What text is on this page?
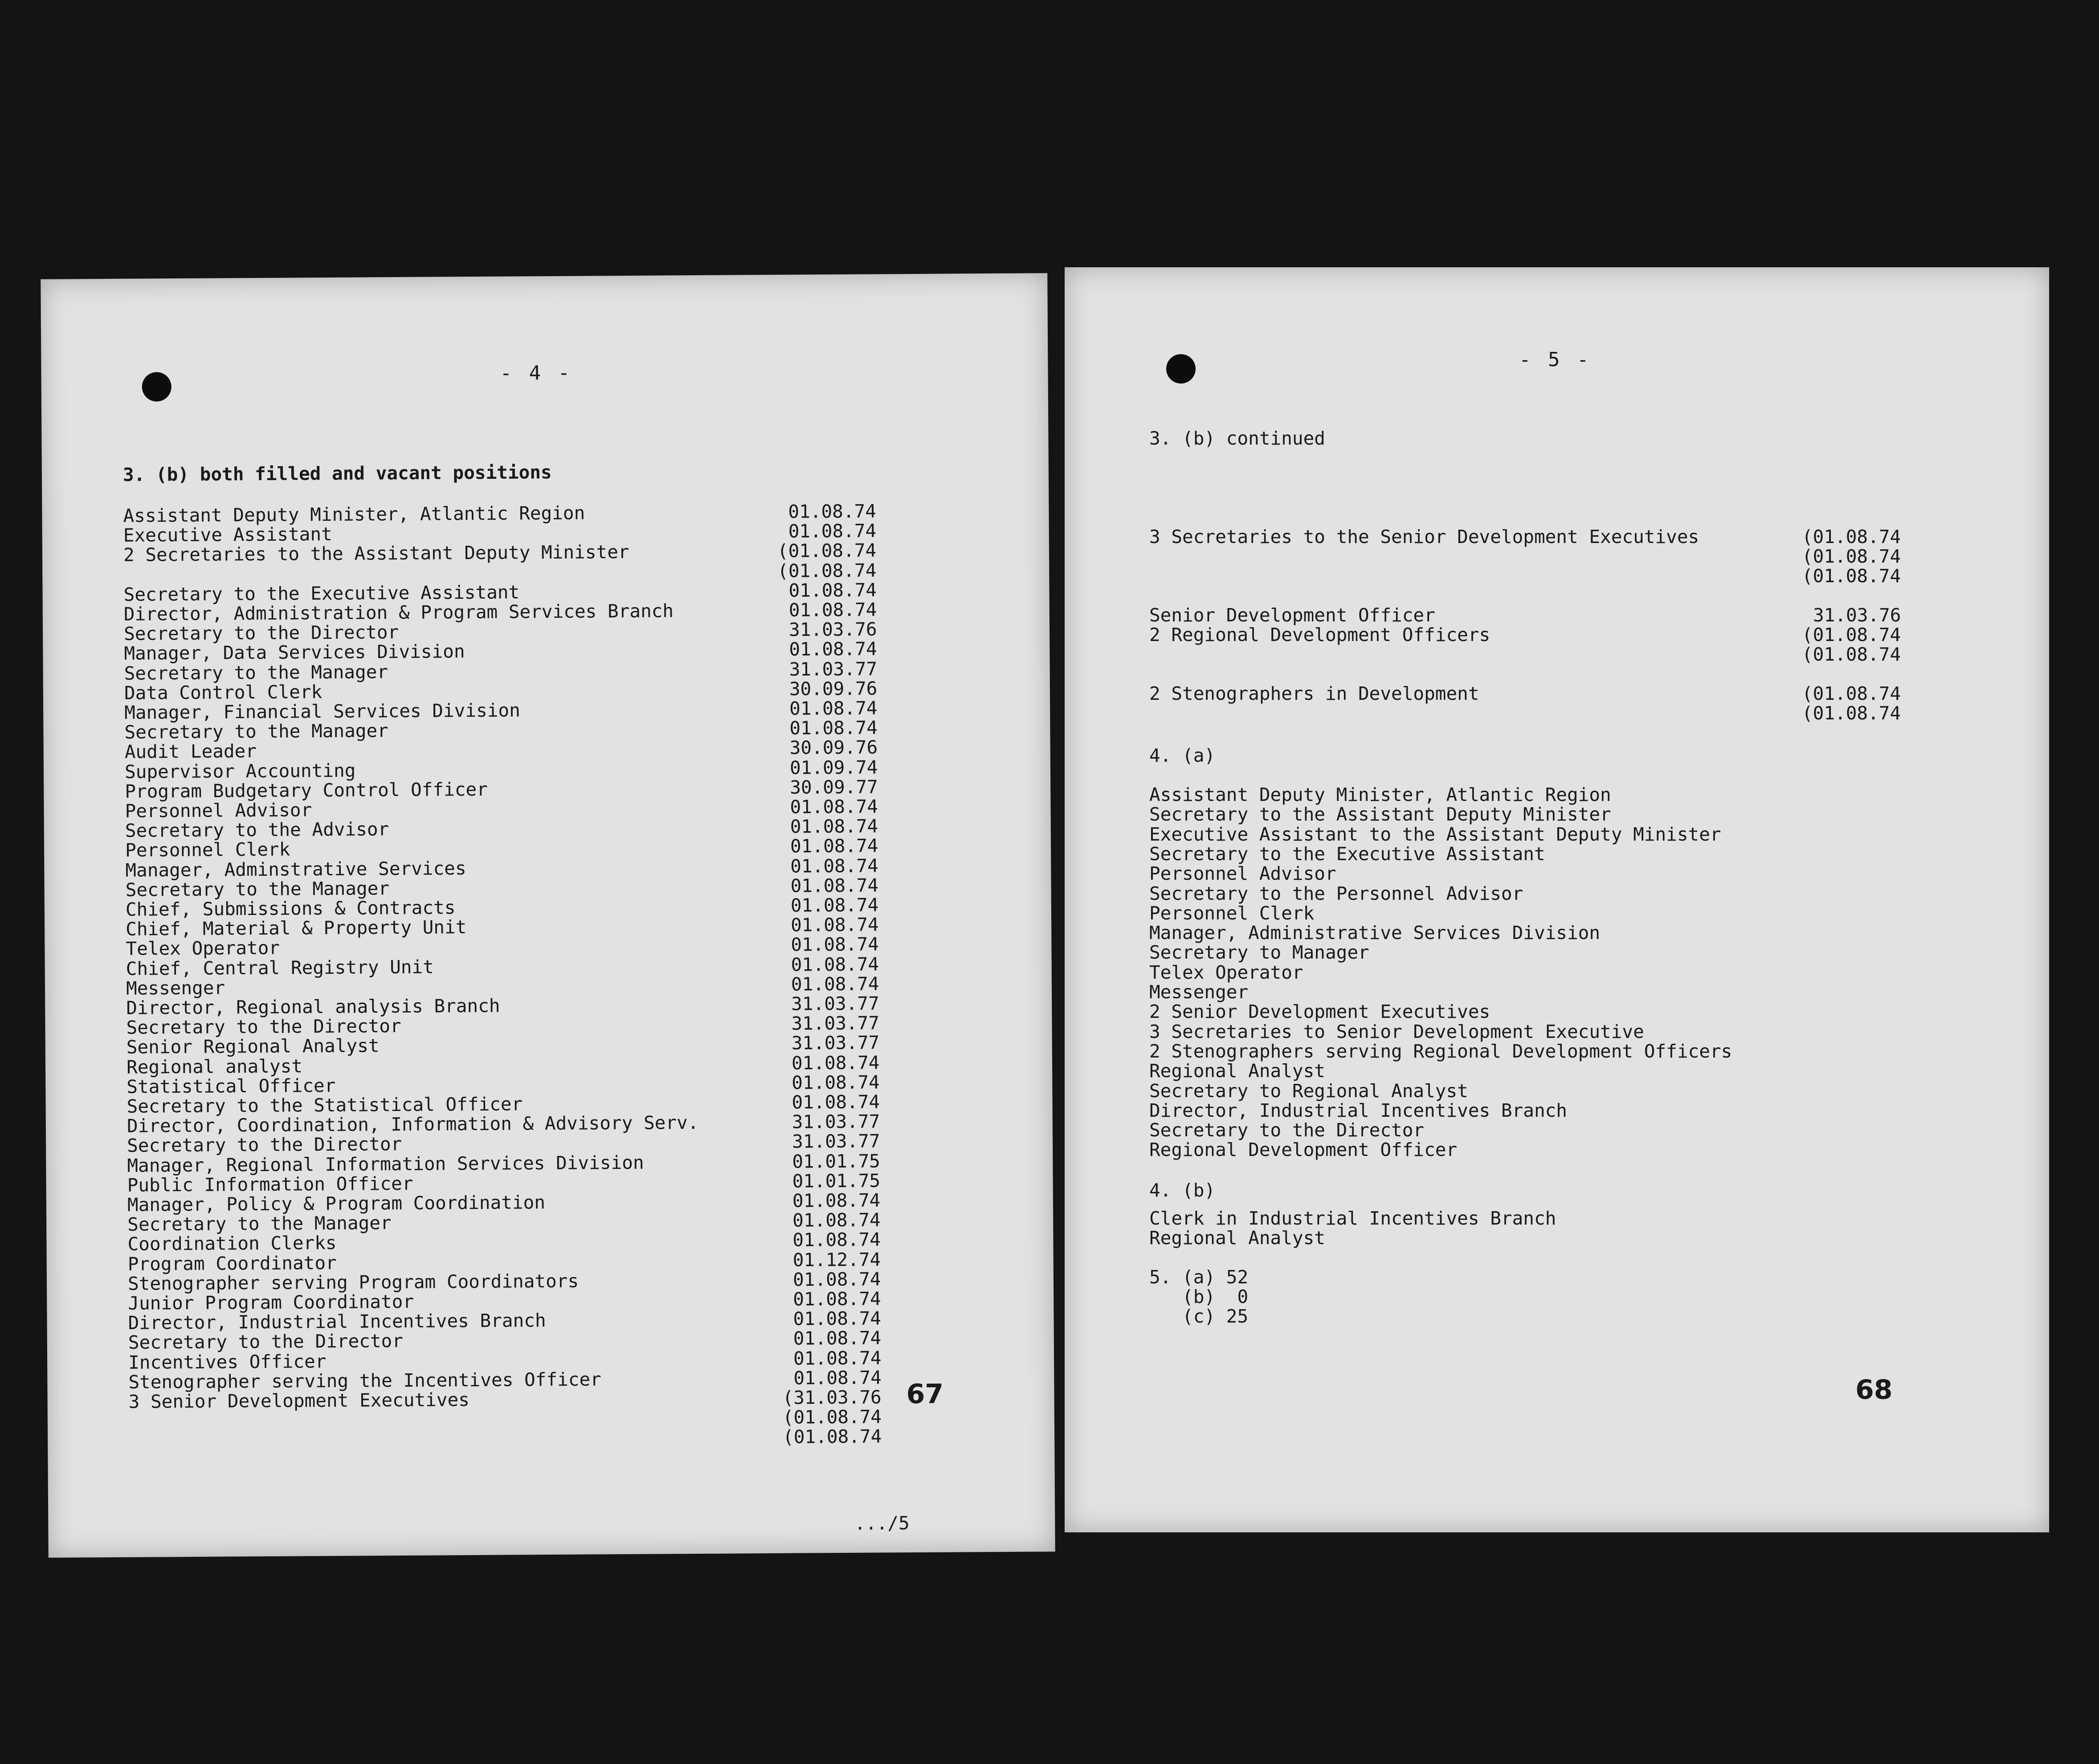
- 4 -
3. (b) both filled and vacant positions
Assistant Deputy Minister, Atlantic Region	01.08.74
Executive Assistant	01.08.74
2 Secretaries to the Assistant Deputy Minister	(01.08.74
(01.08.74
Secretary to the Executive Assistant	01.08.74
Director, Administration & Program Services Branch	01.08.74
Secretary to the Director	31.03.76
Manager, Data Services Division	01.08.74
Secretary to the Manager	31.03.77
Data Control Clerk	30.09.76
Manager, Financial Services Division	01.08.74
Secretary to the Manager	01.08.74
Audit Leader	30.09.76
Supervisor Accounting	01.09.74
Program Budgetary Control Officer	30.09.77
Personnel Advisor	01.08.74
Secretary to the Advisor	01.08.74
Personnel Clerk	01.08.74
Manager, Adminstrative Services	01.08.74
Secretary to the Manager	01.08.74
Chief, Submissions & Contracts	01.08.74
Chief, Material & Property Unit	01.08.74
Telex Operator	01.08.74
Chief, Central Registry Unit	01.08.74
Messenger	01.08.74
Director, Regional analysis Branch	31.03.77
Secretary to the Director	31.03.77
Senior Regional Analyst	31.03.77
Regional analyst	01.08.74
Statistical Officer	01.08.74
Secretary to the Statistical Officer	01.08.74
Director, Coordination, Information & Advisory Serv.	31.03.77
Secretary to the Director	31.03.77
Manager, Regional Information Services Division	01.01.75
Public Information Officer	01.01.75
Manager, Policy & Program Coordination	01.08.74
Secretary to the Manager	01.08.74
Coordination Clerks	01.08.74
Program Coordinator	01.12.74
Stenographer serving Program Coordinators	01.08.74
Junior Program Coordinator	01.08.74
Director, Industrial Incentives Branch	01.08.74
Secretary to the Director	01.08.74
Incentives Officer	01.08.74
Stenographer serving the Incentives Officer	01.08.74
3 Senior Development Executives	(31.03.76
(01.08.74
(01.08.74
67
.../5
- 5 -
3. (b) continued
3 Secretaries to the Senior Development Executives	(01.08.74
(01.08.74
(01.08.74
Senior Development Officer	31.03.76
2 Regional Development Officers	(01.08.74
(01.08.74
2 Stenographers in Development	(01.08.74
(01.08.74
4. (a)
Assistant Deputy Minister, Atlantic Region
Secretary to the Assistant Deputy Minister
Executive Assistant to the Assistant Deputy Minister
Secretary to the Executive Assistant
Personnel Advisor
Secretary to the Personnel Advisor
Personnel Clerk
Manager, Administrative Services Division
Secretary to Manager
Telex Operator
Messenger
2 Senior Development Executives
3 Secretaries to Senior Development Executive
2 Stenographers serving Regional Development Officers
Regional Analyst
Secretary to Regional Analyst
Director, Industrial Incentives Branch
Secretary to the Director
Regional Development Officer
4. (b)
Clerk in Industrial Incentives Branch
Regional Analyst
5. (a) 52
(b)  0
(c) 25
68
